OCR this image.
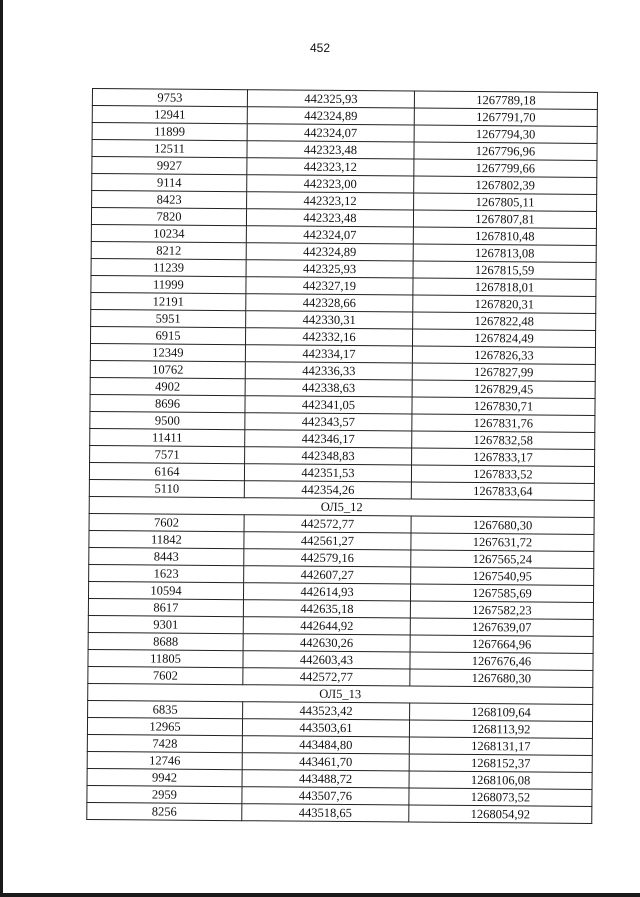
452
9753	442325,93	1267789,18
12941	442324,89	1267791,70
11899	442324,07	1267794,30
12511	442323,48	1267796,96
9927	442323,12	1267799,66
9114	442323,00	1267802,39
8423	442323,12	1267805,11
7820	442323,48	1267807,81
10234	442324,07	1267810,48
8212	442324,89	1267813,08
11239	442325,93	1267815,59
11999	442327,19	1267818,01
12191	442328,66	1267820,31
5951	442330,31	1267822,48
6915	442332,16	1267824,49
12349	442334,17	1267826,33
10762	442336,33	1267827,99
4902	442338,63	1267829,45
8696	442341,05	1267830,71
9500	442343,57	1267831,76
11411	442346,17	1267832,58
7571	442348,83	1267833,17
6164	442351,53	1267833,52
5110	442354,26	1267833,64
ОЛ5_12		
7602	442572,77	1267680,30
11842	442561,27	1267631,72
8443	442579,16	1267565,24
1623	442607,27	1267540,95
10594	442614,93	1267585,69
8617	442635,18	1267582,23
9301	442644,92	1267639,07
8688	442630,26	1267664,96
11805	442603,43	1267676,46
7602	442572,77	1267680,30
ОЛ5_13		
6835	443523,42	1268109,64
12965	443503,61	1268113,92
7428	443484,80	1268131,17
12746	443461,70	1268152,37
9942	443488,72	1268106,08
2959	443507,76	1268073,52
8256	443518,65	1268054,92
